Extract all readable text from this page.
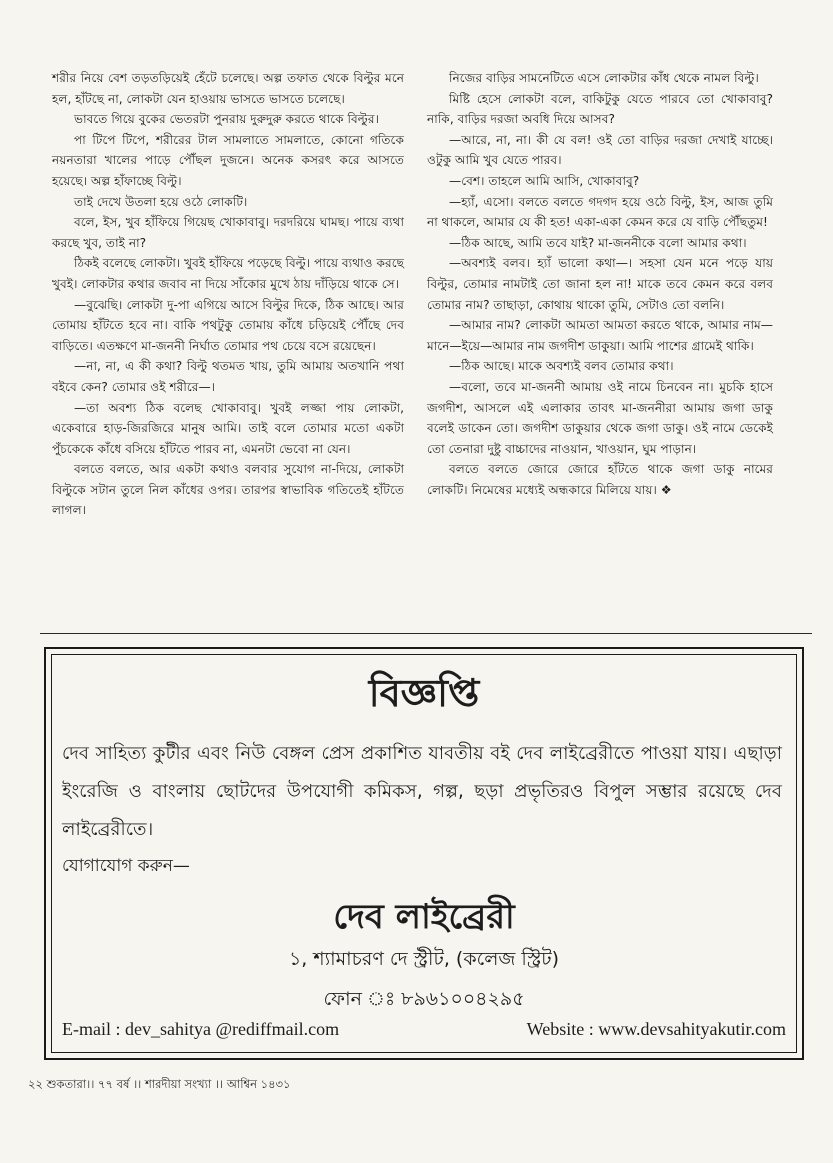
শরীর নিয়ে বেশ তড়তড়িয়েই হেঁটে চলেছে। অল্প তফাত থেকে বিল্টুর মনে হল, হাঁটছে না, লোকটা যেন হাওয়ায় ভাসতে ভাসতে চলেছে।

ভাবতে গিয়ে বুকের ভেতরটা পুনরায় দুরুদুরু করতে থাকে বিল্টুর।

পা টিপে টিপে, শরীরের টাল সামলাতে সামলাতে, কোনো গতিকে নয়নতারা খালের পাড়ে পৌঁছল দুজনে। অনেক কসরৎ করে আসতে হয়েছে। অল্প হাঁফাচ্ছে বিল্টু।

তাই দেখে উতলা হয়ে ওঠে লোকটি।

বলে, ইস, খুব হাঁফিয়ে গিয়েছ খোকাবাবু। দরদরিয়ে ঘামছ। পায়ে ব্যথা করছে খুব, তাই না?

ঠিকই বলেছে লোকটা। খুবই হাঁফিয়ে পড়েছে বিল্টু। পায়ে ব্যথাও করছে খুবই। লোকটার কথার জবাব না দিয়ে সাঁকোর মুখে ঠায় দাঁড়িয়ে থাকে সে।

—বুঝেছি। লোকটা দু-পা এগিয়ে আসে বিল্টুর দিকে, ঠিক আছে। আর তোমায় হাঁটতে হবে না। বাকি পথটুকু তোমায় কাঁধে চড়িয়েই পৌঁছে দেব বাড়িতে। এতক্ষণে মা-জননী নির্ঘাত তোমার পথ চেয়ে বসে রয়েছেন।

—না, না, এ কী কথা? বিল্টু থতমত খায়, তুমি আমায় অতখানি পথা বইবে কেন? তোমার ওই শরীরে—।

—তা অবশ্য ঠিক বলেছ খোকাবাবু। খুবই লজ্জা পায় লোকটা, একেবারে হাড়-জিরজিরে মানুষ আমি। তাই বলে তোমার মতো একটা পুঁচকেকে কাঁধে বসিয়ে হাঁটতে পারব না, এমনটা ভেবো না যেন।

বলতে বলতে, আর একটা কথাও বলবার সুযোগ না-দিয়ে, লোকটা বিল্টুকে সটান তুলে নিল কাঁধের ওপর। তারপর স্বাভাবিক গতিতেই হাঁটতে লাগল।

নিজের বাড়ির সামনেটিতে এসে লোকটার কাঁধ থেকে নামল বিল্টু।

মিষ্টি হেসে লোকটা বলে, বাকিটুকু যেতে পারবে তো খোকাবাবু? নাকি, বাড়ির দরজা অবধি দিয়ে আসব?

—আরে, না, না। কী যে বল! ওই তো বাড়ির দরজা দেখাই যাচ্ছে। ওটুকু আমি খুব যেতে পারব।

—বেশ। তাহলে আমি আসি, খোকাবাবু?

—হ্যাঁ, এসো। বলতে বলতে গদগদ হয়ে ওঠে বিল্টু, ইস, আজ তুমি না থাকলে, আমার যে কী হত! একা-একা কেমন করে যে বাড়ি পৌঁছতুম!

—ঠিক আছে, আমি তবে যাই? মা-জননীকে বলো আমার কথা।

—অবশ্যই বলব। হ্যাঁ ভালো কথা—। সহসা যেন মনে পড়ে যায় বিল্টুর, তোমার নামটাই তো জানা হল না! মাকে তবে কেমন করে বলব তোমার নাম? তাছাড়া, কোথায় থাকো তুমি, সেটাও তো বলনি।

—আমার নাম? লোকটা আমতা আমতা করতে থাকে, আমার নাম—মানে—ইয়ে—আমার নাম জগদীশ ডাকুয়া। আমি পাশের গ্রামেই থাকি।

—ঠিক আছে। মাকে অবশ্যই বলব তোমার কথা।

—বলো, তবে মা-জননী আমায় ওই নামে চিনবেন না। মুচকি হাসে জগদীশ, আসলে এই এলাকার তাবৎ মা-জননীরা আমায় জগা ডাকু বলেই ডাকেন তো। জগদীশ ডাকুয়ার থেকে জগা ডাকু। ওই নামে ডেকেই তো তেনারা দুষ্টু বাচ্চাদের নাওয়ান, খাওয়ান, ঘুম পাড়ান।

বলতে বলতে জোরে জোরে হাঁটতে থাকে জগা ডাকু নামের লোকটি। নিমেষের মধ্যেই অন্ধকারে মিলিয়ে যায়। ❖

বিজ্ঞপ্তি

দেব সাহিত্য কুটীর এবং নিউ বেঙ্গল প্রেস প্রকাশিত যাবতীয় বই দেব লাইব্রেরীতে পাওয়া যায়। এছাড়া ইংরেজি ও বাংলায় ছোটদের উপযোগী কমিকস, গল্প, ছড়া প্রভৃতিরও বিপুল সম্ভার রয়েছে দেব লাইব্রেরীতে।

যোগাযোগ করুন—
দেব লাইব্রেরী
১, শ্যামাচরণ দে স্ট্রীট, (কলেজ স্ট্রিট)
ফোন ঃ ৮৯৬১০০৪২৯৫
E-mail : dev_sahitya @rediffmail.com	Website : www.devsahityakutir.com
২২ শুকতারা।। ৭৭ বর্ষ ।। শারদীয়া সংখ্যা ।। আশ্বিন ১৪৩১
